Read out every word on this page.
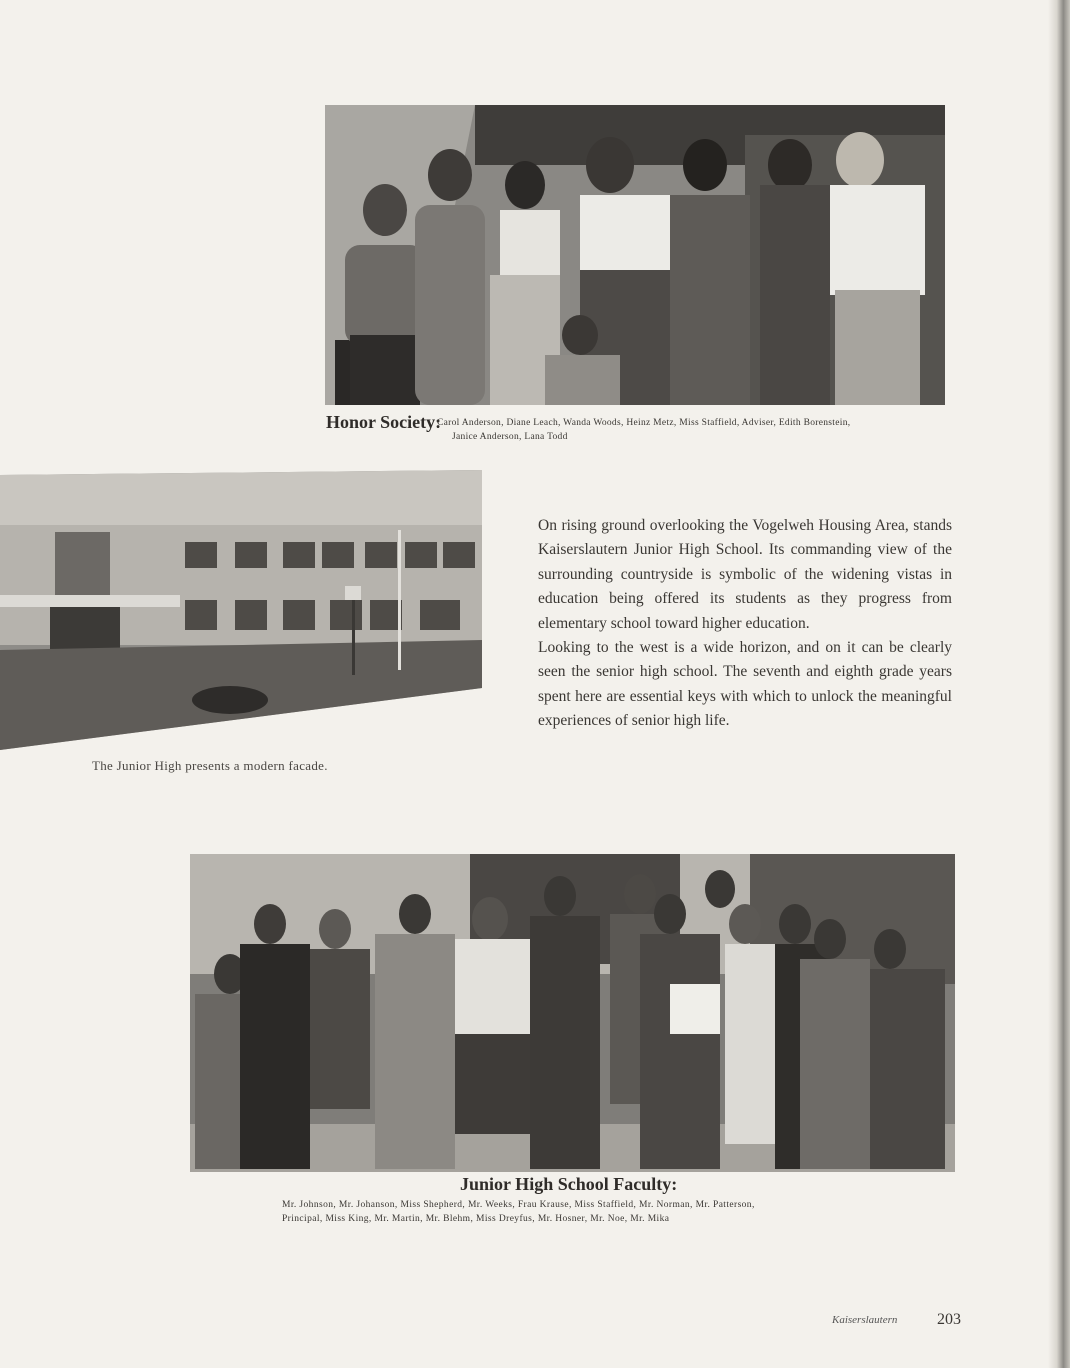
Honor Society:
Carol Anderson, Diane Leach, Wanda Woods, Heinz Metz, Miss Staffield, Adviser, Edith Borenstein,
Janice Anderson, Lana Todd
The Junior High presents a modern facade.

On rising ground overlooking the Vogelweh Housing Area, stands Kaiserslautern Junior High School. Its commanding view of the surrounding countryside is symbolic of the widening vistas in education being offered its students as they progress from elementary school toward higher education.

Looking to the west is a wide horizon, and on it can be clearly seen the senior high school. The seventh and eighth grade years spent here are essential keys with which to unlock the meaningful experiences of senior high life.

Junior High School Faculty:
Mr. Johnson, Mr. Johanson, Miss Shepherd, Mr. Weeks, Frau Krause, Miss Staffield, Mr. Norman, Mr. Patterson,
Principal, Miss King, Mr. Martin, Mr. Blehm, Miss Dreyfus, Mr. Hosner, Mr. Noe, Mr. Mika
Kaiserslautern 203
